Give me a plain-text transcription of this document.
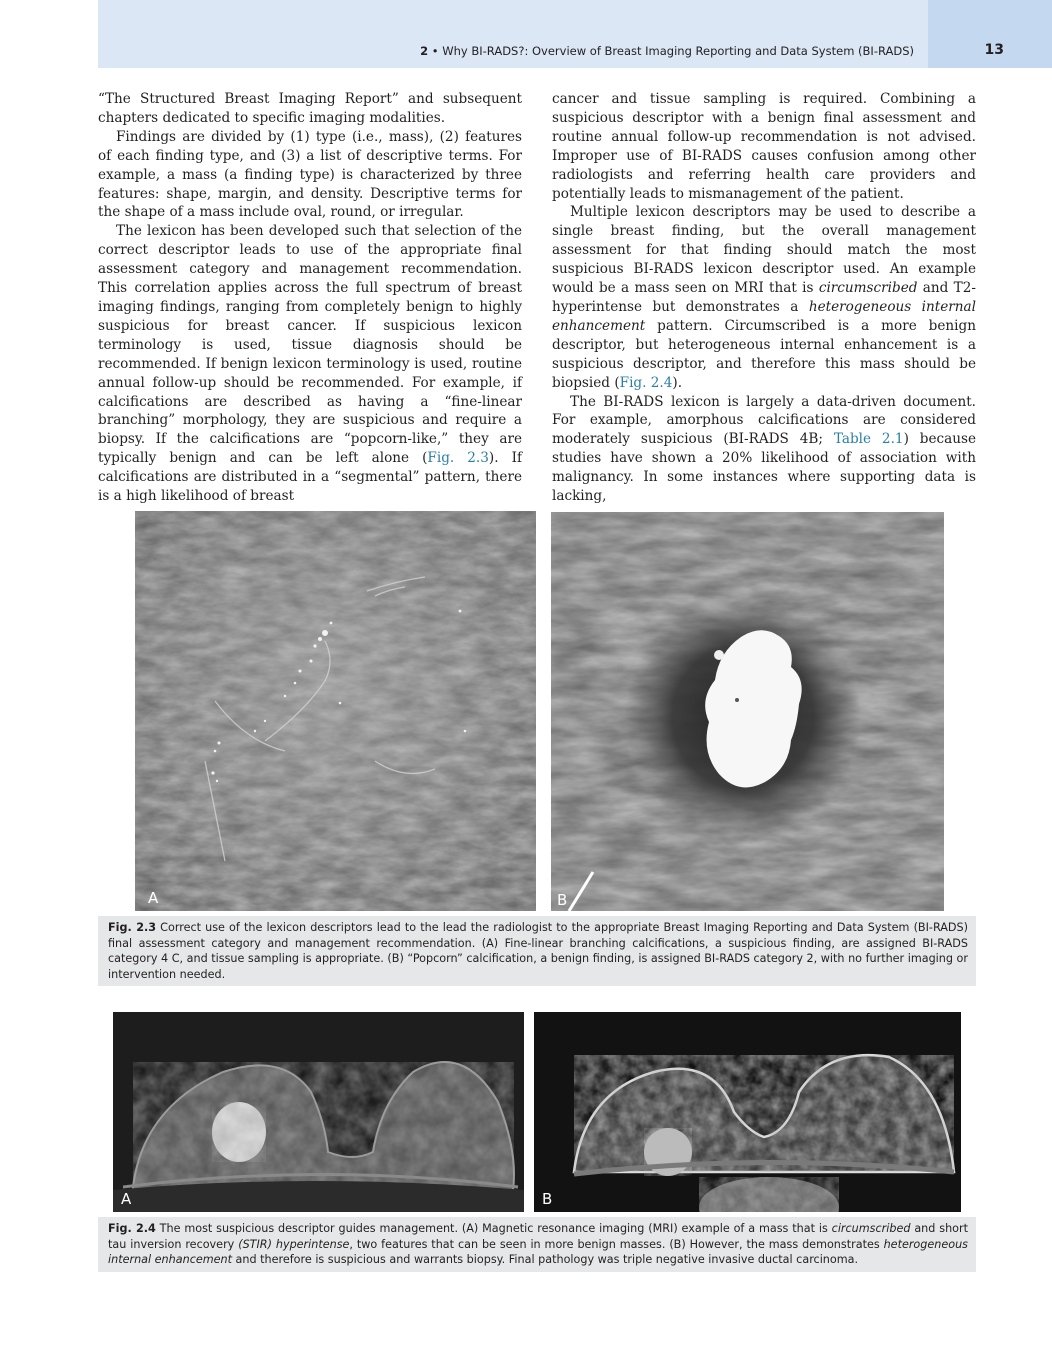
2 • Why BI-RADS?: Overview of Breast Imaging Reporting and Data System (BI-RADS)	13

“The Structured Breast Imaging Report” and subsequent chapters dedicated to specific imaging modalities.

Findings are divided by (1) type (i.e., mass), (2) features of each finding type, and (3) a list of descriptive terms. For example, a mass (a finding type) is characterized by three features: shape, margin, and density. Descriptive terms for the shape of a mass include oval, round, or irregular.

The lexicon has been developed such that selection of the correct descriptor leads to use of the appropriate final assessment category and management recommendation. This correlation applies across the full spectrum of breast imaging findings, ranging from completely benign to highly suspicious for breast cancer. If suspicious lexicon terminology is used, tissue diagnosis should be recommended. If benign lexicon terminology is used, routine annual follow-up should be recommended. For example, if calcifications are described as having a “fine-linear branching” morphology, they are suspicious and require a biopsy. If the calcifications are “popcorn-like,” they are typically benign and can be left alone (Fig. 2.3). If calcifications are distributed in a “segmental” pattern, there is a high likelihood of breast

cancer and tissue sampling is required. Combining a suspicious descriptor with a benign final assessment and routine annual follow-up recommendation is not advised. Improper use of BI-RADS causes confusion among other radiologists and referring health care providers and potentially leads to mismanagement of the patient.

Multiple lexicon descriptors may be used to describe a single breast finding, but the overall management assessment for that finding should match the most suspicious BI-RADS lexicon descriptor used. An example would be a mass seen on MRI that is circumscribed and T2-hyperintense but demonstrates a heterogeneous internal enhancement pattern. Circumscribed is a more benign descriptor, but heterogeneous internal enhancement is a suspicious descriptor, and therefore this mass should be biopsied (Fig. 2.4).

The BI-RADS lexicon is largely a data-driven document. For example, amorphous calcifications are considered moderately suspicious (BI-RADS 4B; Table 2.1) because studies have shown a 20% likelihood of association with malignancy. In some instances where supporting data is lacking,

A	B
Fig. 2.3 Correct use of the lexicon descriptors lead to the lead the radiologist to the appropriate Breast Imaging Reporting and Data System (BI-RADS) final assessment category and management recommendation. (A) Fine-linear branching calcifications, a suspicious finding, are assigned BI-RADS category 4 C, and tissue sampling is appropriate. (B) “Popcorn” calcification, a benign finding, is assigned BI-RADS category 2, with no further imaging or intervention needed.
A	B
Fig. 2.4 The most suspicious descriptor guides management. (A) Magnetic resonance imaging (MRI) example of a mass that is circumscribed and short tau inversion recovery (STIR) hyperintense, two features that can be seen in more benign masses. (B) However, the mass demonstrates heterogeneous internal enhancement and therefore is suspicious and warrants biopsy. Final pathology was triple negative invasive ductal carcinoma.
